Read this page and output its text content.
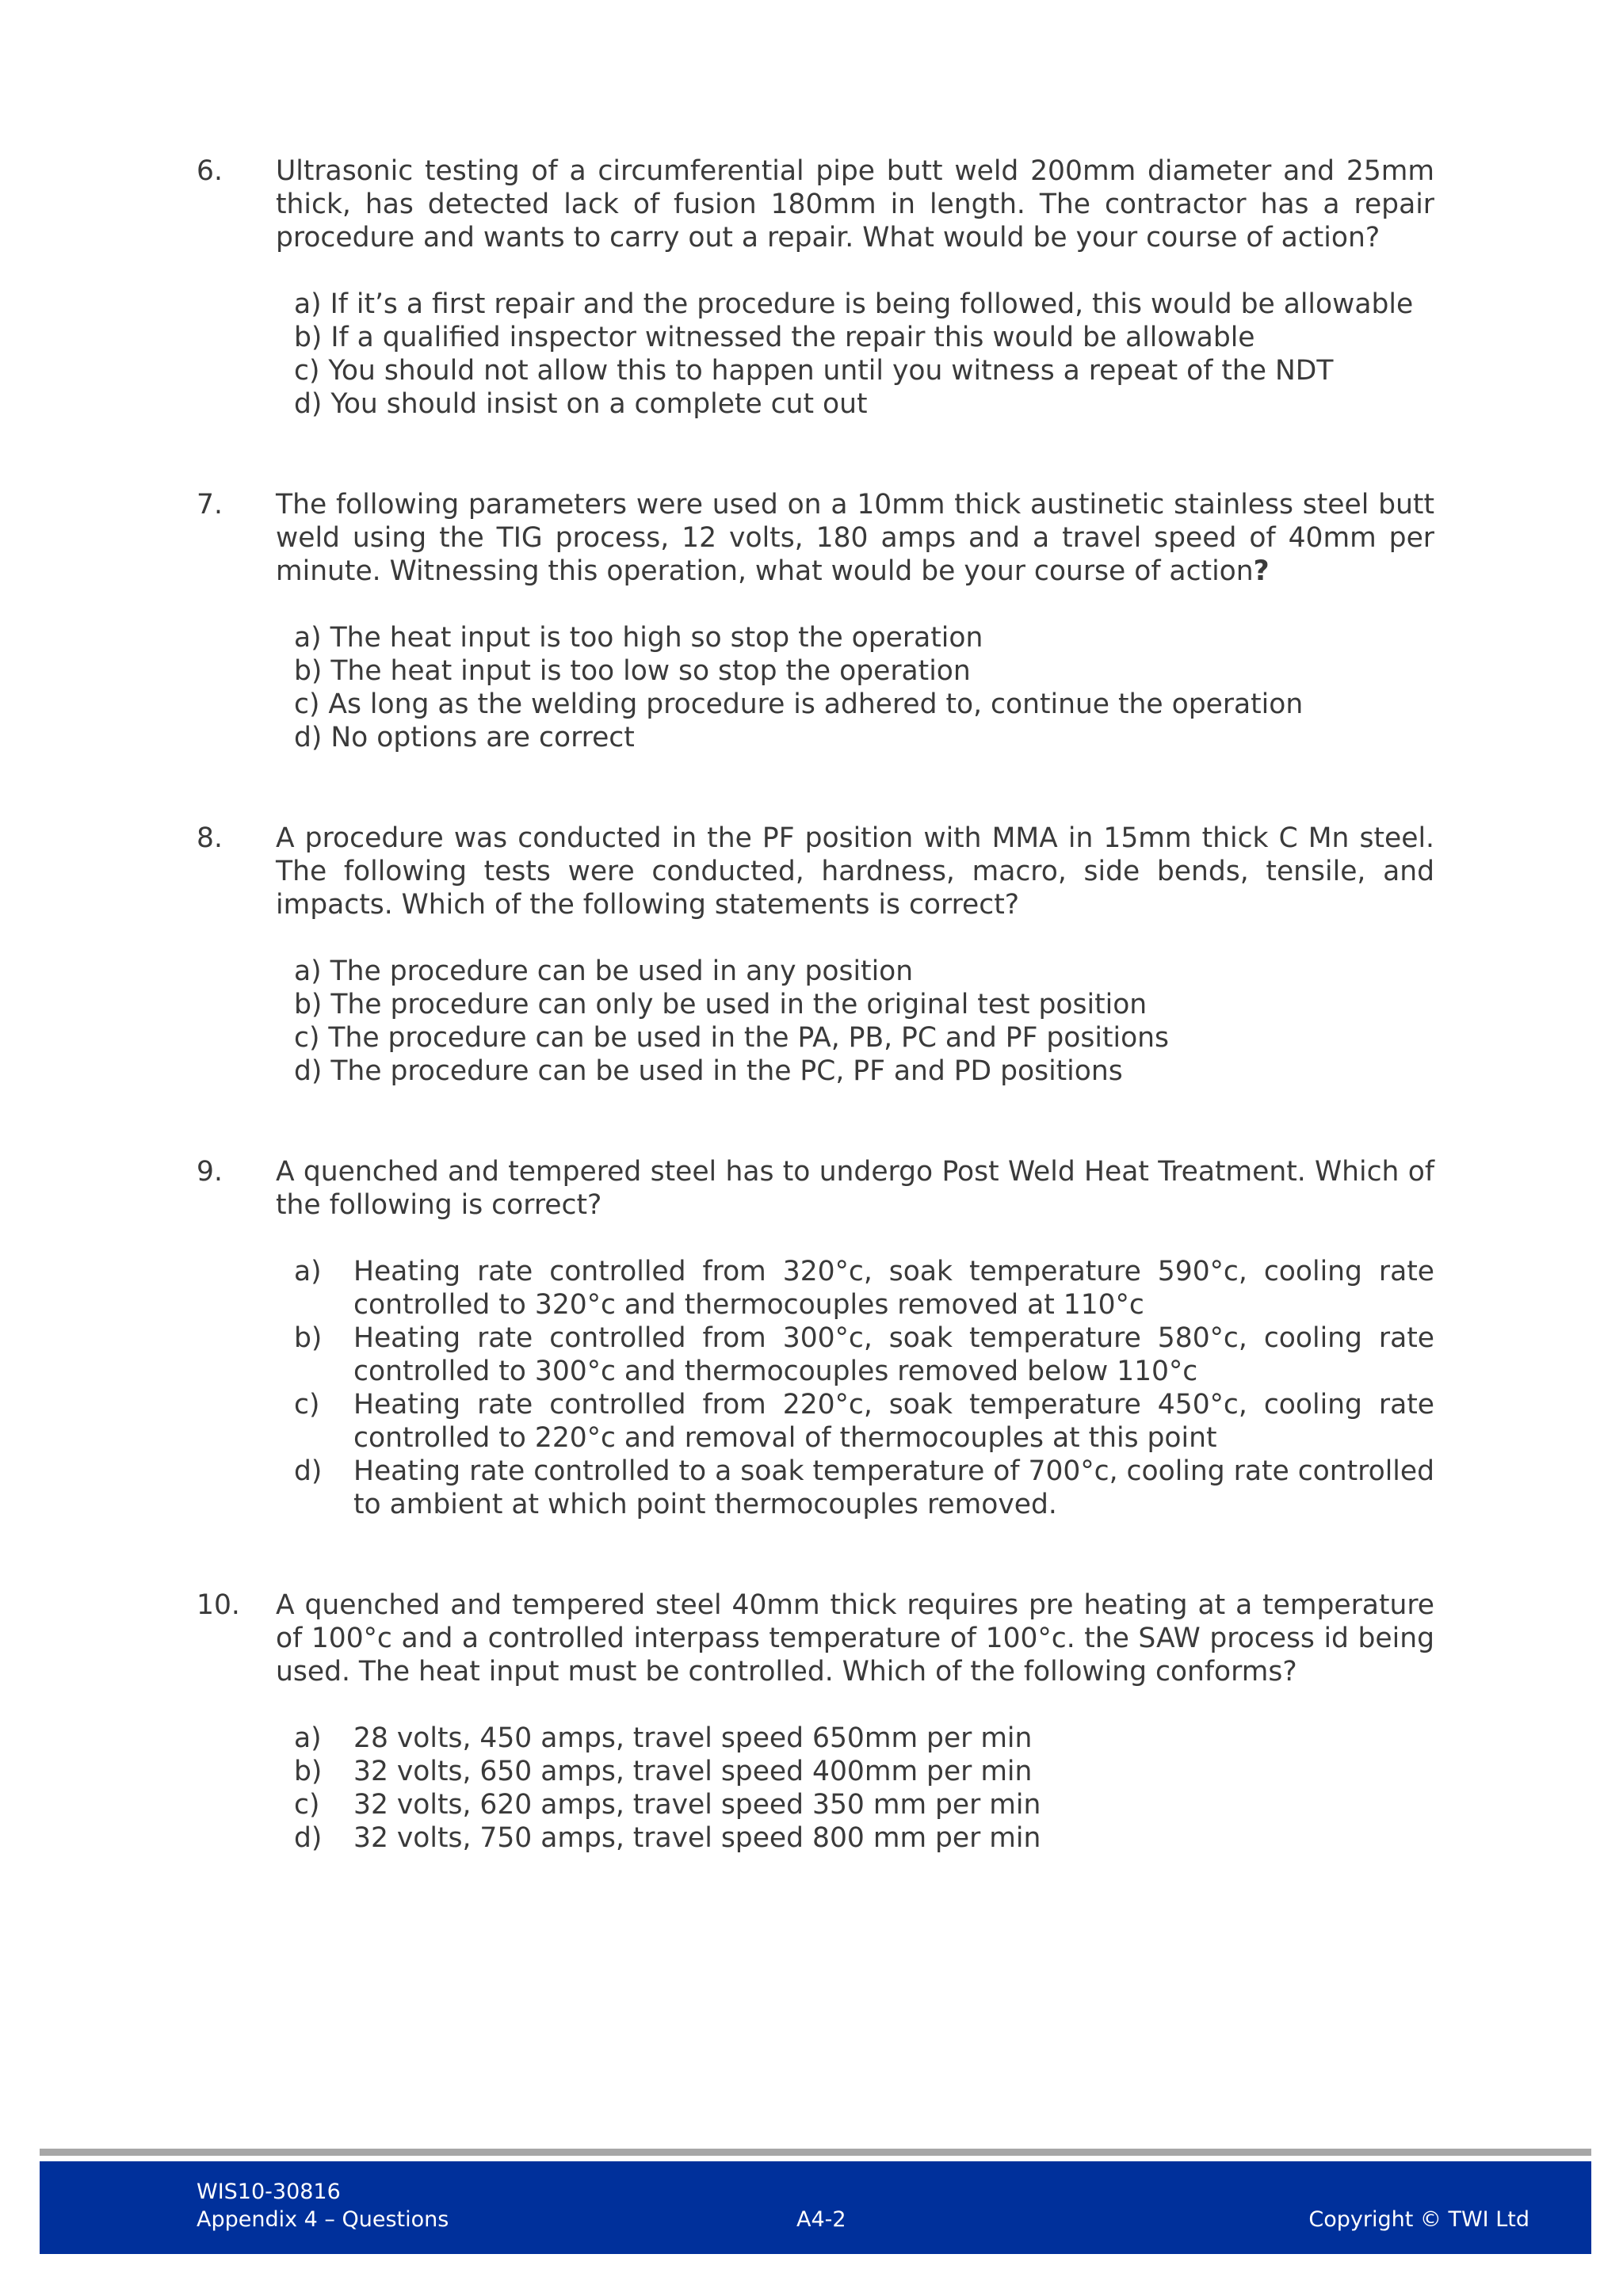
6. Ultrasonic testing of a circumferential pipe butt weld 200mm diameter and 25mm thick, has detected lack of fusion 180mm in length. The contractor has a repair procedure and wants to carry out a repair. What would be your course of action?
a) If it’s a first repair and the procedure is being followed, this would be allowable
b) If a qualified inspector witnessed the repair this would be allowable
c) You should not allow this to happen until you witness a repeat of the NDT
d) You should insist on a complete cut out
7. The following parameters were used on a 10mm thick austinetic stainless steel butt weld using the TIG process, 12 volts, 180 amps and a travel speed of 40mm per minute. Witnessing this operation, what would be your course of action?
a) The heat input is too high so stop the operation
b) The heat input is too low so stop the operation
c) As long as the welding procedure is adhered to, continue the operation
d) No options are correct
8. A procedure was conducted in the PF position with MMA in 15mm thick C Mn steel. The following tests were conducted, hardness, macro, side bends, tensile, and impacts. Which of the following statements is correct?
a) The procedure can be used in any position
b) The procedure can only be used in the original test position
c) The procedure can be used in the PA, PB, PC and PF positions
d) The procedure can be used in the PC, PF and PD positions
9. A quenched and tempered steel has to undergo Post Weld Heat Treatment. Which of the following is correct?
a)	Heating rate controlled from 320°c, soak temperature 590°c, cooling rate controlled to 320°c and thermocouples removed at 110°c
b)	Heating rate controlled from 300°c, soak temperature 580°c, cooling rate controlled to 300°c and thermocouples removed below 110°c
c)	Heating rate controlled from 220°c, soak temperature 450°c, cooling rate controlled to 220°c and removal of thermocouples at this point
d)	Heating rate controlled to a soak temperature of 700°c, cooling rate controlled to ambient at which point thermocouples removed.
10. A quenched and tempered steel 40mm thick requires pre heating at a temperature of 100°c and a controlled interpass temperature of 100°c. the SAW process id being used. The heat input must be controlled. Which of the following conforms?
a)	28 volts, 450 amps, travel speed 650mm per min
b)	32 volts, 650 amps, travel speed 400mm per min
c)	32 volts, 620 amps, travel speed 350 mm per min
d)	32 volts, 750 amps, travel speed 800 mm per min
WIS10-30816
Appendix 4 – Questions	A4-2	Copyright © TWI Ltd
